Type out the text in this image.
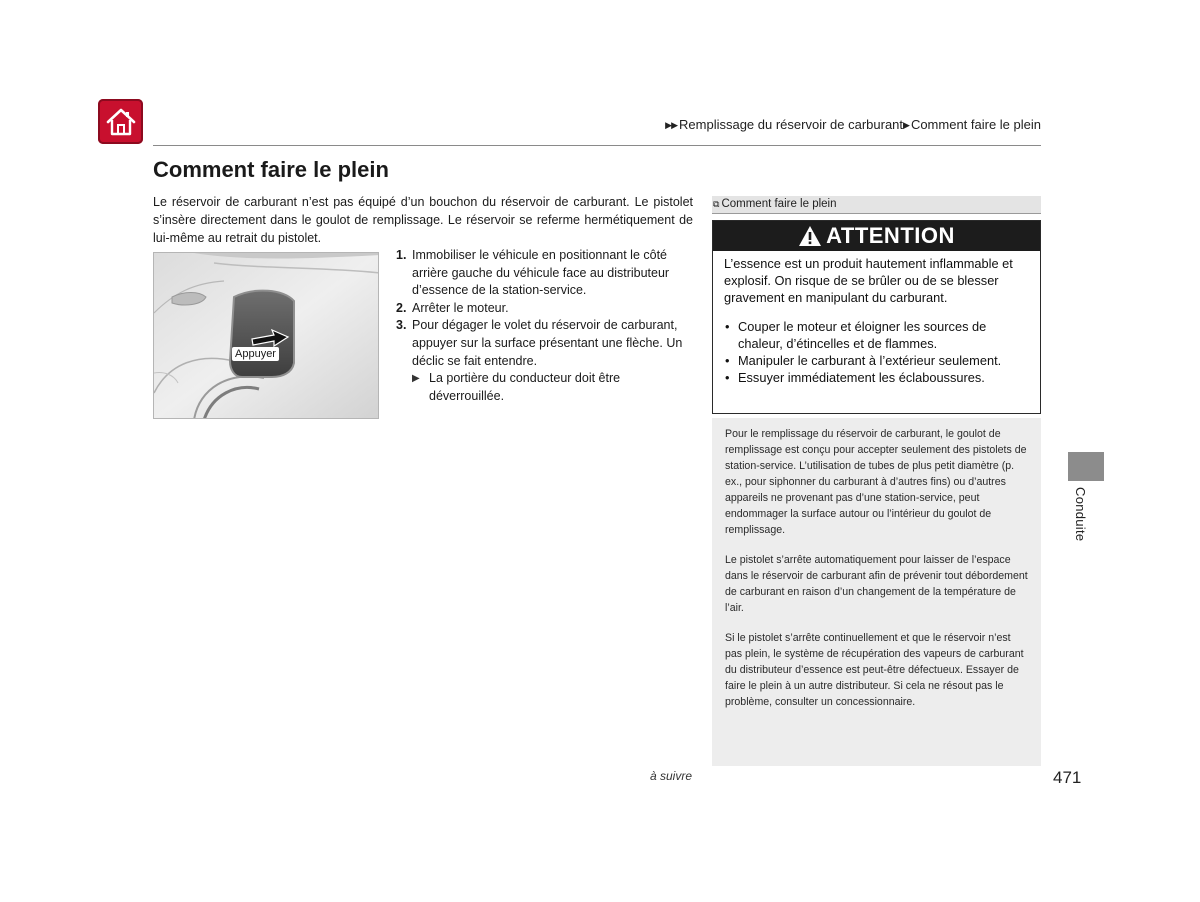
▶▶ Remplissage du réservoir de carburant▶ Comment faire le plein
Comment faire le plein

Le réservoir de carburant n’est pas équipé d’un bouchon du réservoir de carburant. Le pistolet s’insère directement dans le goulot de remplissage. Le réservoir se referme hermétiquement de lui-même au retrait du pistolet.

Appuyer
1. Immobiliser le véhicule en positionnant le côté arrière gauche du véhicule face au distributeur d’essence de la station-service.
2. Arrêter le moteur.
3. Pour dégager le volet du réservoir de carburant, appuyer sur la surface présentant une flèche. Un déclic se fait entendre.
▶ La portière du conducteur doit être déverrouillée.
⧉ Comment faire le plein
ATTENTION

L’essence est un produit hautement inflammable et explosif. On risque de se brûler ou de se blesser gravement en manipulant du carburant.

• Couper le moteur et éloigner les sources de chaleur, d’étincelles et de flammes.
• Manipuler le carburant à l’extérieur seulement.
• Essuyer immédiatement les éclaboussures.

Pour le remplissage du réservoir de carburant, le goulot de remplissage est conçu pour accepter seulement des pistolets de station-service. L’utilisation de tubes de plus petit diamètre (p. ex., pour siphonner du carburant à d’autres fins) ou d’autres appareils ne provenant pas d’une station-service, peut endommager la surface autour ou l’intérieur du goulot de remplissage.

Le pistolet s’arrête automatiquement pour laisser de l’espace dans le réservoir de carburant afin de prévenir tout débordement de carburant en raison d’un changement de la température de l’air.

Si le pistolet s’arrête continuellement et que le réservoir n’est pas plein, le système de récupération des vapeurs de carburant du distributeur d’essence est peut-être défectueux. Essayer de faire le plein à un autre distributeur. Si cela ne résout pas le problème, consulter un concessionnaire.

Conduite
à suivre	471
